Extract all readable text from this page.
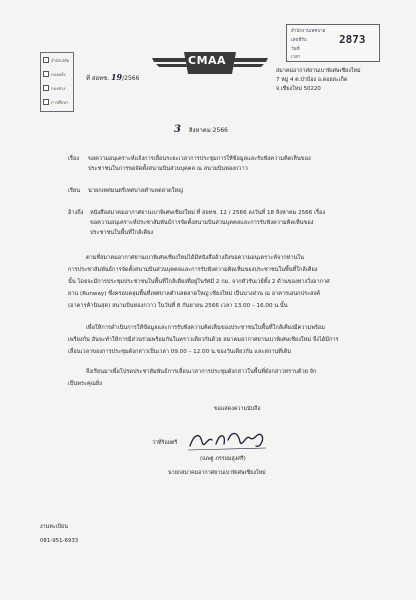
สำนักปลัด
กองคลัง
กองช่าง
การศึกษา
สำนักงานเทศบาล
เลขที่รับ
วันที่
เวลา
2873
CMAA
ที่ สอทช. 19/2566
สมาคมอากาศยานเบาพิเศษเชียงใหม่
7 หมู่ 4 ต.ป่าป้อง อ.ดอยสะเก็ด
จ.เชียงใหม่ 50220
3 สิงหาคม 2566
เรื่อง ขอความอนุเคราะห์แจ้งการเลื่อนระยะเวลาการประชุมการให้ข้อมูลและรับฟังความคิดเห็นของ
ประชาชนในการขอจัดตั้งสนามบินส่วนบุคคล ณ สนามบินหองกวาว
เรียน นายกเทศมนตรีเทศบาลตำบลตลาดใหญ่
อ้างถึง หนังสือสมาคมอากาศยานเบาพิเศษเชียงใหม่ ที่ สอทช. 12 / 2566 ลงวันที่ 18 สิงหาคม 2566 เรื่อง
ขอความอนุเคราะห์ประชาสัมพันธ์การจัดตั้งสนามบินส่วนบุคคลและการรับฟังความคิดเห็นของ
ประชาชนในพื้นที่ใกล้เคียง
ตามที่สมาคมอากาศยานเบาพิเศษเชียงใหม่ได้มีหนังสืออ้างถึงขอความอนุเคราะห์จากท่านใน
การประชาสัมพันธ์การจัดตั้งสนามบินส่วนบุคคลและการรับฟังความคิดเห็นของประชาชนในพื้นที่ใกล้เคียง
นั้น โดยจะมีการประชุมประชาชนในพื้นที่ใกล้เคียงที่อยู่ในรัศมี 2 กม. จากหัวรันเวย์ทั้ง 2 ด้านของทางวิ่งอากาศ
ยาน (Runway) ซึ่งครอบคลุมพื้นที่เทศบาลตำบลตลาดใหญ่ เชียงใหม่ เป็นบางส่วน ณ อาคารเอนกประสงค์
(อาคารค้านินสุด) สนามบินหองกวาว ในวันที่ 8 กันยายน 2566 เวลา 13.00 – 16.00 น.นั้น
เพื่อให้การดำเนินการให้ข้อมูลและการรับฟังความคิดเห็นของประชาชนในพื้นที่ใกล้เคียงมีความพร้อม
เพรียงกัน อันจะทำให้การมีส่วนร่วมพร้อมกันในคราวเดียวกันด้วย สมาคมอากาศยานเบาพิเศษเชียงใหม่ จึงได้มีการ
เลื่อนเวลาของการประชุมดังกล่าวเป็นเวลา 09.00 – 12.00 น.ของวันเดียวกัน และสถานที่เดิม
จึงเรียนมาเพื่อโปรดประชาสัมพันธ์การเลื่อนเวลาการประชุมดังกล่าวในพื้นที่ดังกล่าวทราบด้วย จัก
เป็นพระคุณยิ่ง
ขอแสดงความนับถือ
ว่าที่ร้อยตรี
(ณพฐ ภรรยมสูงศรี)
นายกสมาคมอากาศยานเบาพิเศษเชียงใหม่
งานทะเบียน
081-951-6933
